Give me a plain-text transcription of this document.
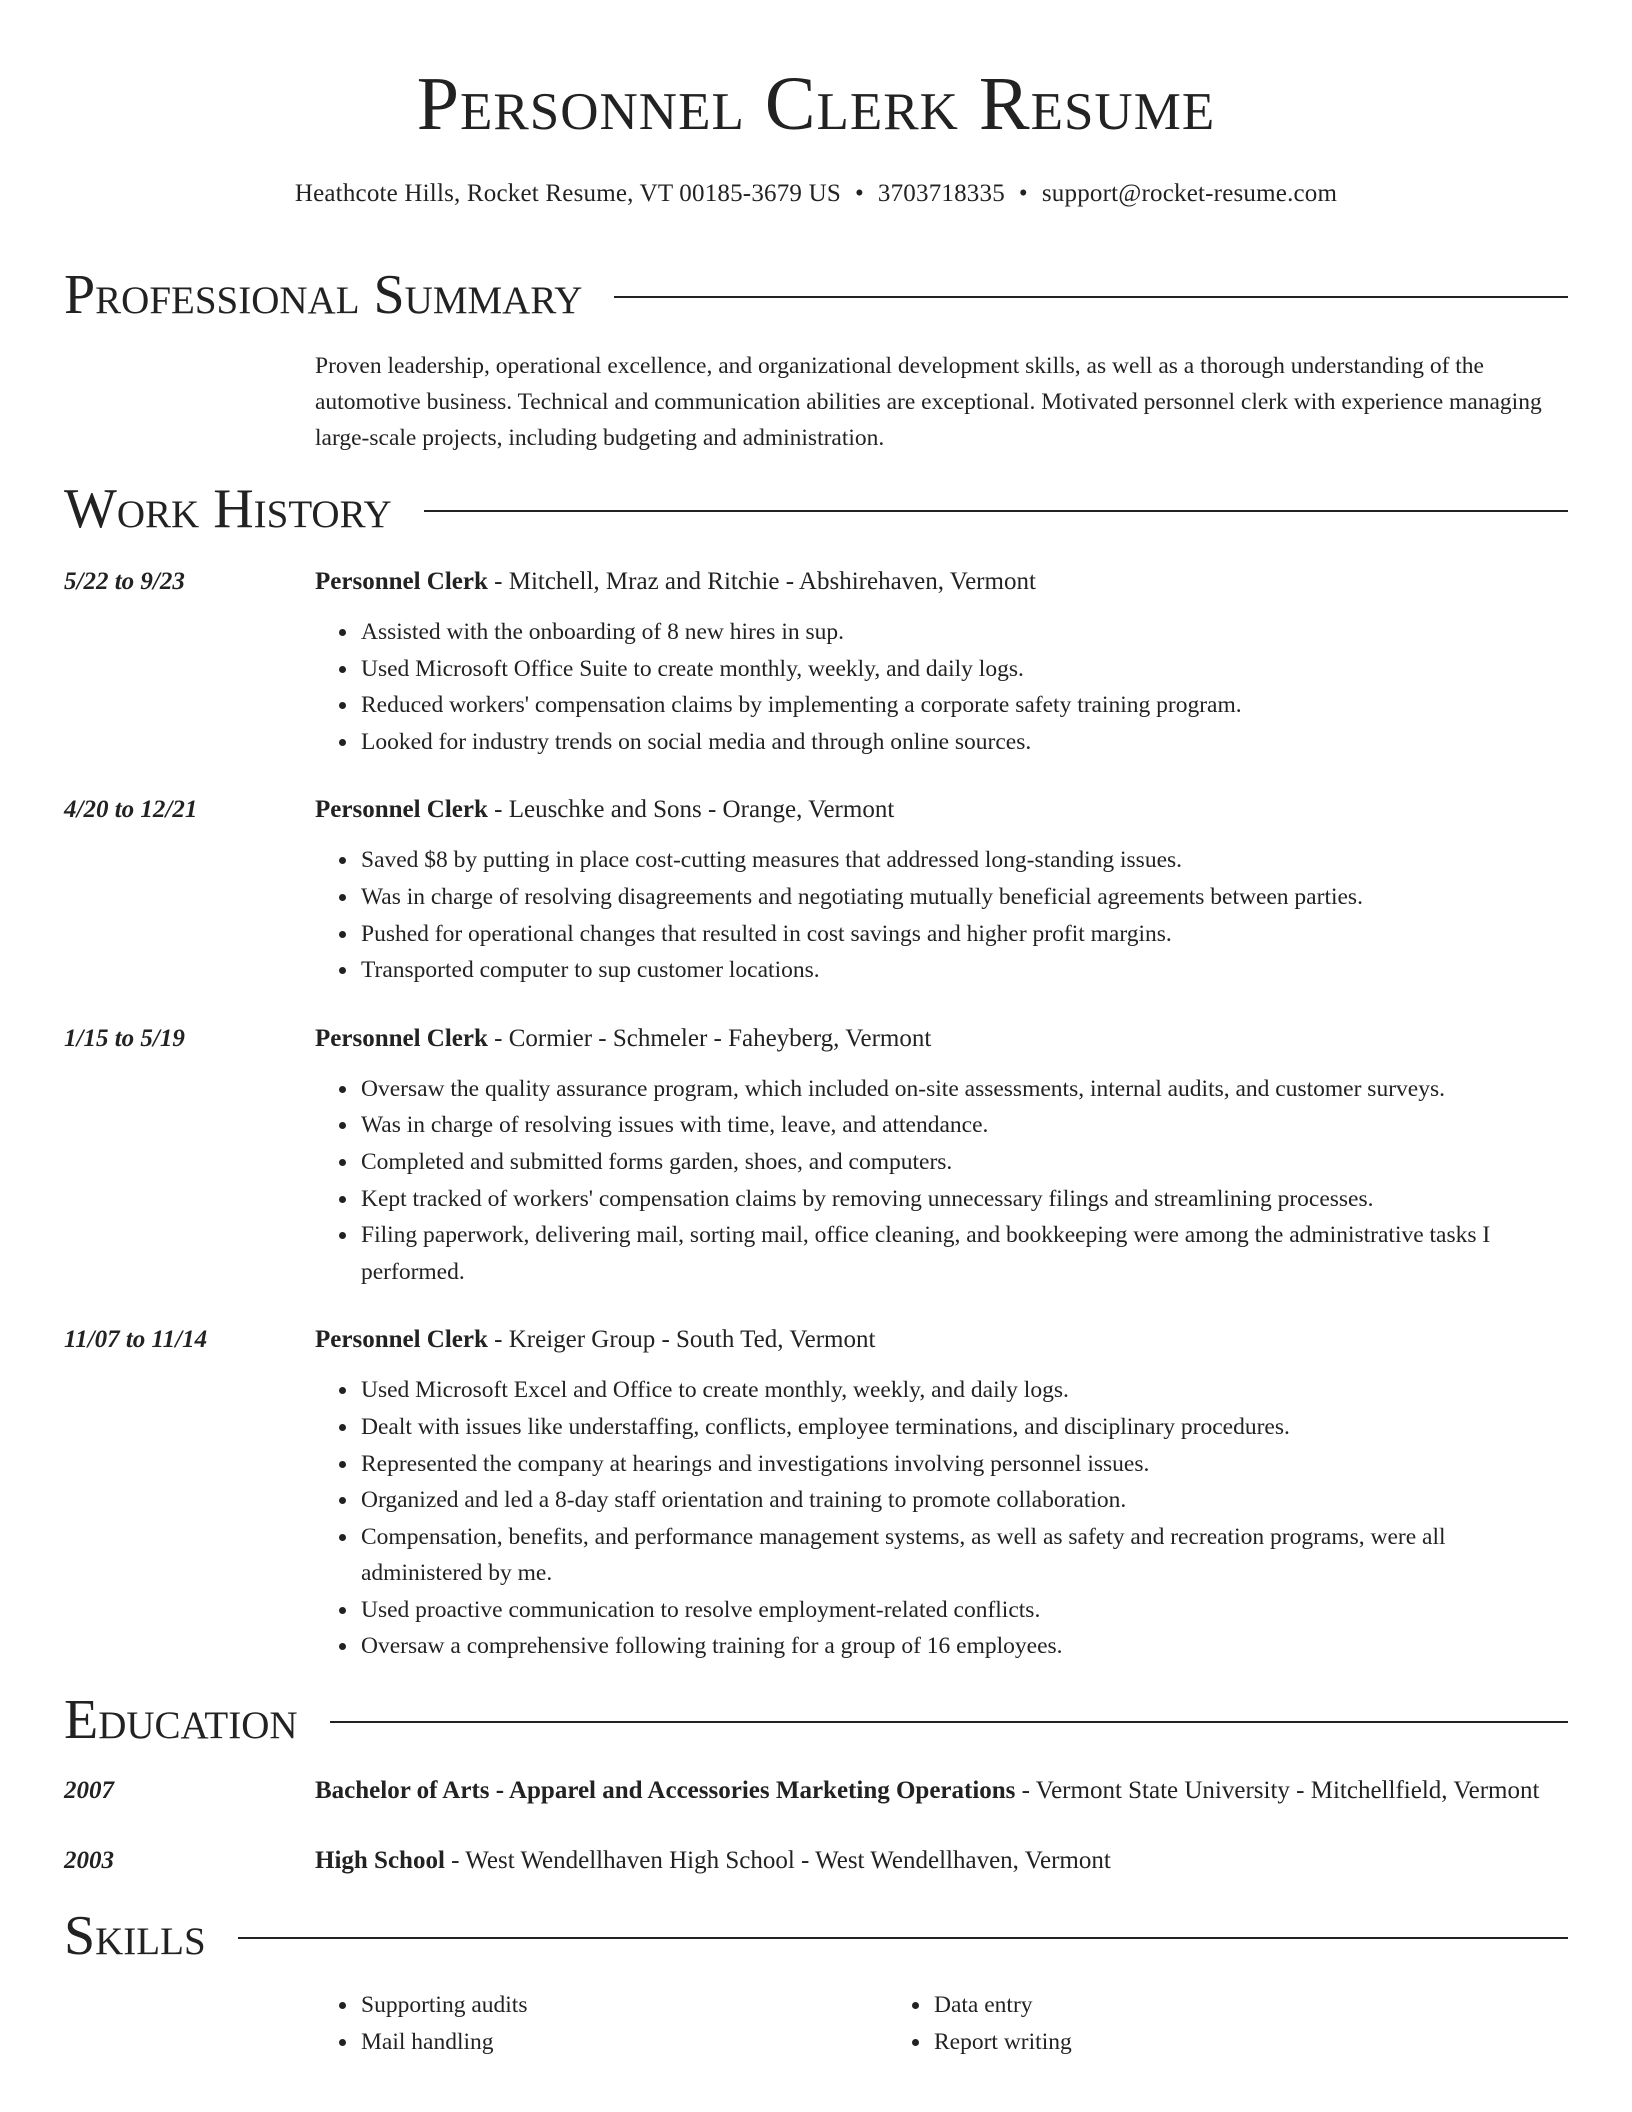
Personnel Clerk Resume
Heathcote Hills, Rocket Resume, VT 00185-3679 US • 3703718335 • support@rocket-resume.com
Professional Summary
Proven leadership, operational excellence, and organizational development skills, as well as a thorough understanding of the automotive business. Technical and communication abilities are exceptional. Motivated personnel clerk with experience managing large-scale projects, including budgeting and administration.
Work History
5/22 to 9/23	Personnel Clerk - Mitchell, Mraz and Ritchie - Abshirehaven, Vermont
• Assisted with the onboarding of 8 new hires in sup.
• Used Microsoft Office Suite to create monthly, weekly, and daily logs.
• Reduced workers' compensation claims by implementing a corporate safety training program.
• Looked for industry trends on social media and through online sources.
4/20 to 12/21	Personnel Clerk - Leuschke and Sons - Orange, Vermont
• Saved $8 by putting in place cost-cutting measures that addressed long-standing issues.
• Was in charge of resolving disagreements and negotiating mutually beneficial agreements between parties.
• Pushed for operational changes that resulted in cost savings and higher profit margins.
• Transported computer to sup customer locations.
1/15 to 5/19	Personnel Clerk - Cormier - Schmeler - Faheyberg, Vermont
• Oversaw the quality assurance program, which included on-site assessments, internal audits, and customer surveys.
• Was in charge of resolving issues with time, leave, and attendance.
• Completed and submitted forms garden, shoes, and computers.
• Kept tracked of workers' compensation claims by removing unnecessary filings and streamlining processes.
• Filing paperwork, delivering mail, sorting mail, office cleaning, and bookkeeping were among the administrative tasks I performed.
11/07 to 11/14	Personnel Clerk - Kreiger Group - South Ted, Vermont
• Used Microsoft Excel and Office to create monthly, weekly, and daily logs.
• Dealt with issues like understaffing, conflicts, employee terminations, and disciplinary procedures.
• Represented the company at hearings and investigations involving personnel issues.
• Organized and led a 8-day staff orientation and training to promote collaboration.
• Compensation, benefits, and performance management systems, as well as safety and recreation programs, were all administered by me.
• Used proactive communication to resolve employment-related conflicts.
• Oversaw a comprehensive following training for a group of 16 employees.
Education
2007	Bachelor of Arts - Apparel and Accessories Marketing Operations - Vermont State University - Mitchellfield, Vermont
2003	High School - West Wendellhaven High School - West Wendellhaven, Vermont
Skills
• Supporting audits
• Mail handling
• Data entry
• Report writing
